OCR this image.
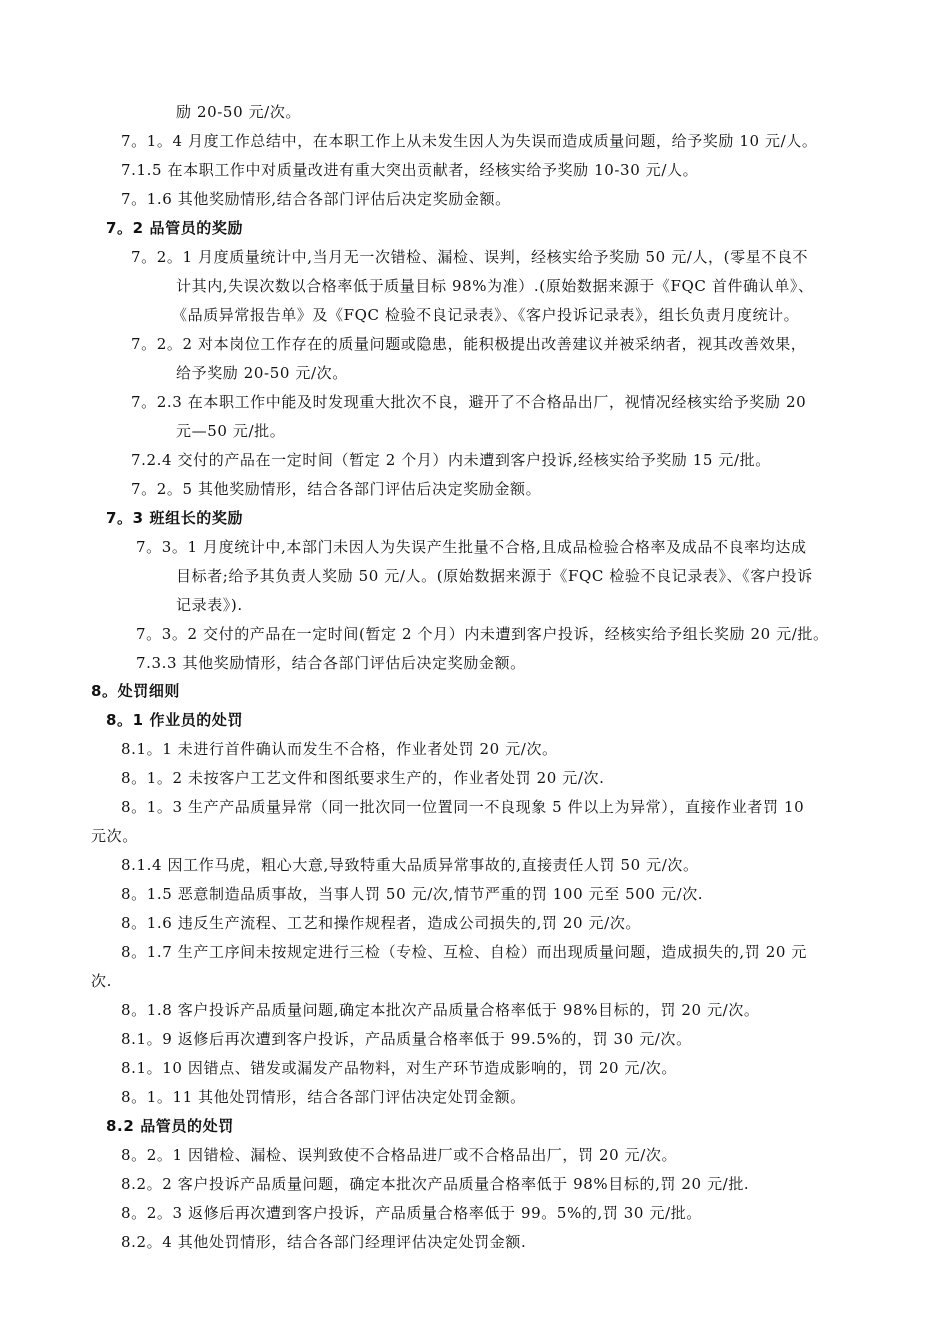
励 20-50 元/次。
7。1。4 月度工作总结中，在本职工作上从未发生因人为失误而造成质量问题，给予奖励 10 元/人。
7.1.5 在本职工作中对质量改进有重大突出贡献者，经核实给予奖励 10-30 元/人。
7。1.6 其他奖励情形,结合各部门评估后决定奖励金额。
7。2 品管员的奖励
7。2。1 月度质量统计中,当月无一次错检、漏检、误判，经核实给予奖励 50 元/人，(零星不良不
计其内,失误次数以合格率低于质量目标 98%为准）.(原始数据来源于《FQC 首件确认单》、
《品质异常报告单》及《FQC 检验不良记录表》、《客户投诉记录表》，组长负责月度统计。
7。2。2 对本岗位工作存在的质量问题或隐患，能积极提出改善建议并被采纳者，视其改善效果，
给予奖励 20-50 元/次。
7。2.3 在本职工作中能及时发现重大批次不良，避开了不合格品出厂，视情况经核实给予奖励 20
元—50 元/批。
7.2.4 交付的产品在一定时间（暂定 2 个月）内未遭到客户投诉,经核实给予奖励 15 元/批。
7。2。5 其他奖励情形，结合各部门评估后决定奖励金额。
7。3 班组长的奖励
7。3。1 月度统计中,本部门未因人为失误产生批量不合格,且成品检验合格率及成品不良率均达成
目标者;给予其负责人奖励 50 元/人。(原始数据来源于《FQC 检验不良记录表》、《客户投诉
记录表》).
7。3。2 交付的产品在一定时间(暂定 2 个月）内未遭到客户投诉，经核实给予组长奖励 20 元/批。
7.3.3 其他奖励情形，结合各部门评估后决定奖励金额。
8。处罚细则
8。1 作业员的处罚
8.1。1 未进行首件确认而发生不合格，作业者处罚 20 元/次。
8。1。2 未按客户工艺文件和图纸要求生产的，作业者处罚 20 元/次.
8。1。3 生产产品质量异常（同一批次同一位置同一不良现象 5 件以上为异常），直接作业者罚 10
元次。
8.1.4 因工作马虎，粗心大意,导致特重大品质异常事故的,直接责任人罚 50 元/次。
8。1.5 恶意制造品质事故，当事人罚 50 元/次,情节严重的罚 100 元至 500 元/次.
8。1.6 违反生产流程、工艺和操作规程者，造成公司损失的,罚 20 元/次。
8。1.7 生产工序间未按规定进行三检（专检、互检、自检）而出现质量问题，造成损失的,罚 20 元
次.
8。1.8 客户投诉产品质量问题,确定本批次产品质量合格率低于 98%目标的，罚 20 元/次。
8.1。9 返修后再次遭到客户投诉，产品质量合格率低于 99.5%的，罚 30 元/次。
8.1。10 因错点、错发或漏发产品物料，对生产环节造成影响的，罚 20 元/次。
8。1。11 其他处罚情形，结合各部门评估决定处罚金额。
8.2 品管员的处罚
8。2。1 因错检、漏检、误判致使不合格品进厂或不合格品出厂，罚 20 元/次。
8.2。2 客户投诉产品质量问题，确定本批次产品质量合格率低于 98%目标的,罚 20 元/批.
8。2。3 返修后再次遭到客户投诉，产品质量合格率低于 99。5%的,罚 30 元/批。
8.2。4 其他处罚情形，结合各部门经理评估决定处罚金额.
